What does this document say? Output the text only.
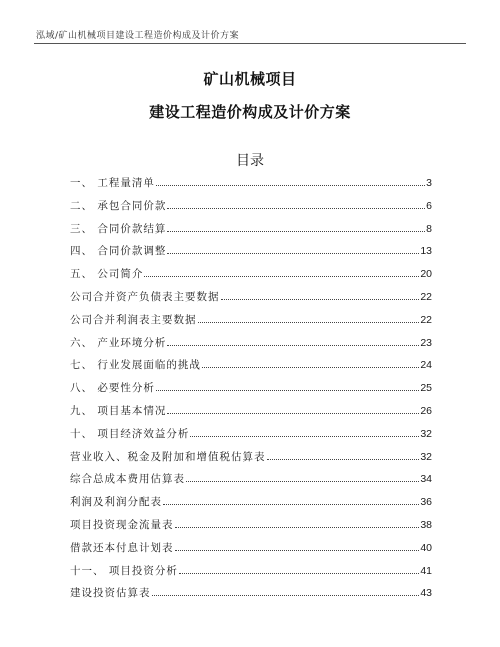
泓域/矿山机械项目建设工程造价构成及计价方案
矿山机械项目
建设工程造价构成及计价方案
目录
一、 工程量清单	3
二、 承包合同价款	6
三、 合同价款结算	8
四、 合同价款调整	13
五、 公司简介	20
公司合并资产负债表主要数据	22
公司合并利润表主要数据	22
六、 产业环境分析	23
七、 行业发展面临的挑战	24
八、 必要性分析	25
九、 项目基本情况	26
十、 项目经济效益分析	32
营业收入、税金及附加和增值税估算表	32
综合总成本费用估算表	34
利润及利润分配表	36
项目投资现金流量表	38
借款还本付息计划表	40
十一、 项目投资分析	41
建设投资估算表	43
